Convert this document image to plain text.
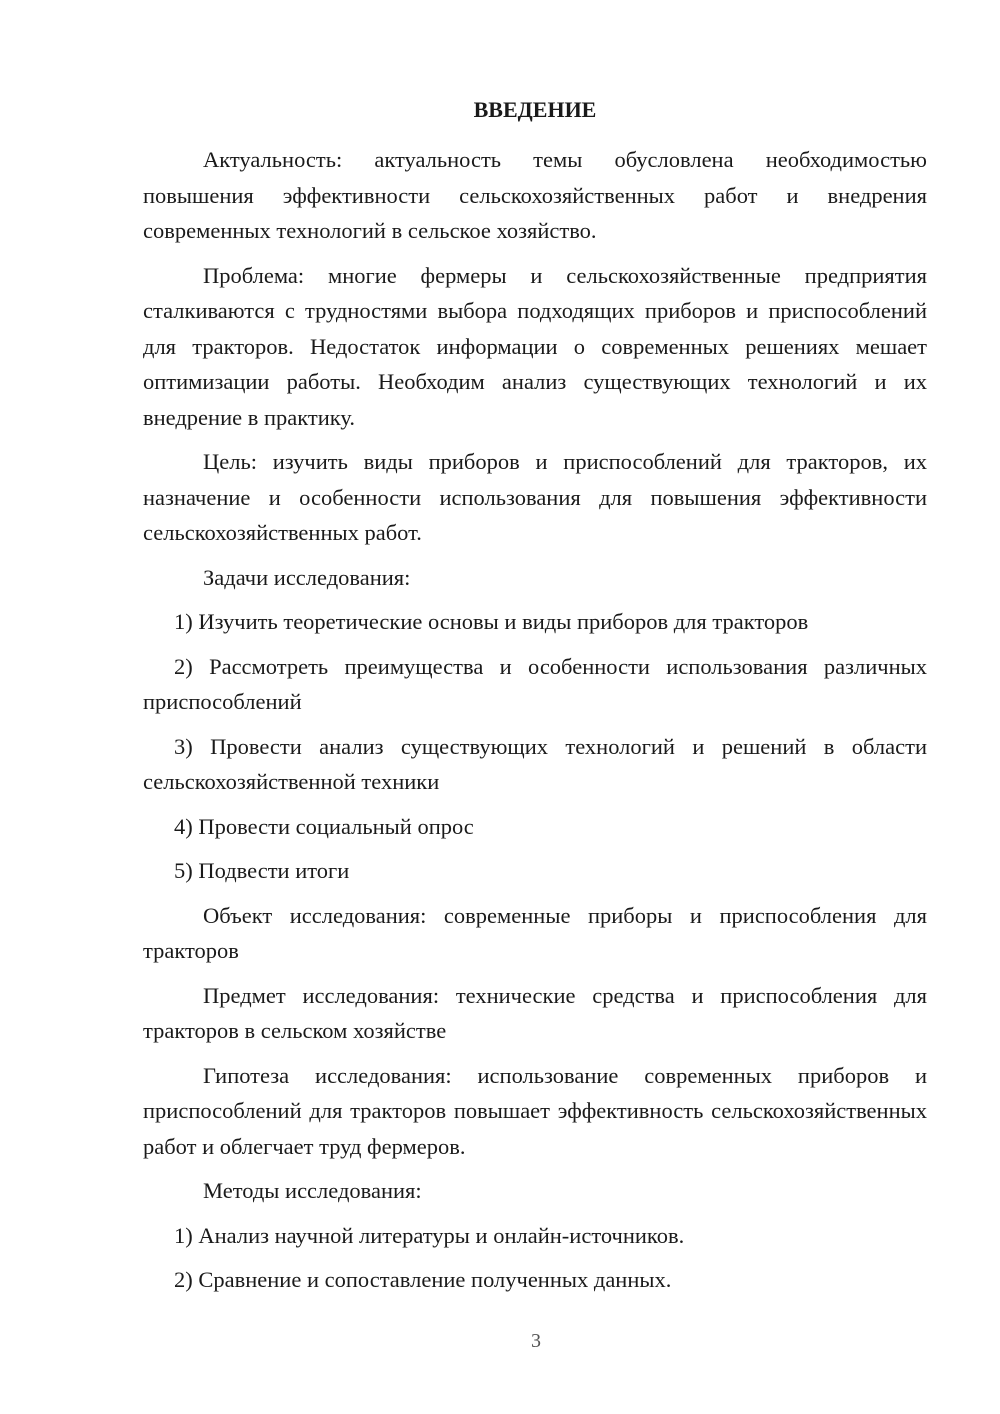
ВВЕДЕНИЕ

Актуальность: актуальность темы обусловлена необходимостью повышения эффективности сельскохозяйственных работ и внедрения современных технологий в сельское хозяйство.

Проблема: многие фермеры и сельскохозяйственные предприятия сталкиваются с трудностями выбора подходящих приборов и приспособлений для тракторов. Недостаток информации о современных решениях мешает оптимизации работы. Необходим анализ существующих технологий и их внедрение в практику.

Цель: изучить виды приборов и приспособлений для тракторов, их назначение и особенности использования для повышения эффективности сельскохозяйственных работ.

Задачи исследования:

1) Изучить теоретические основы и виды приборов для тракторов

2) Рассмотреть преимущества и особенности использования различных приспособлений

3) Провести анализ существующих технологий и решений в области сельскохозяйственной техники

4) Провести социальный опрос

5) Подвести итоги

Объект исследования: современные приборы и приспособления для тракторов

Предмет исследования: технические средства и приспособления для тракторов в сельском хозяйстве

Гипотеза исследования: использование современных приборов и приспособлений для тракторов повышает эффективность сельскохозяйственных работ и облегчает труд фермеров.

Методы исследования:

1) Анализ научной литературы и онлайн-источников.

2) Сравнение и сопоставление полученных данных.

3
